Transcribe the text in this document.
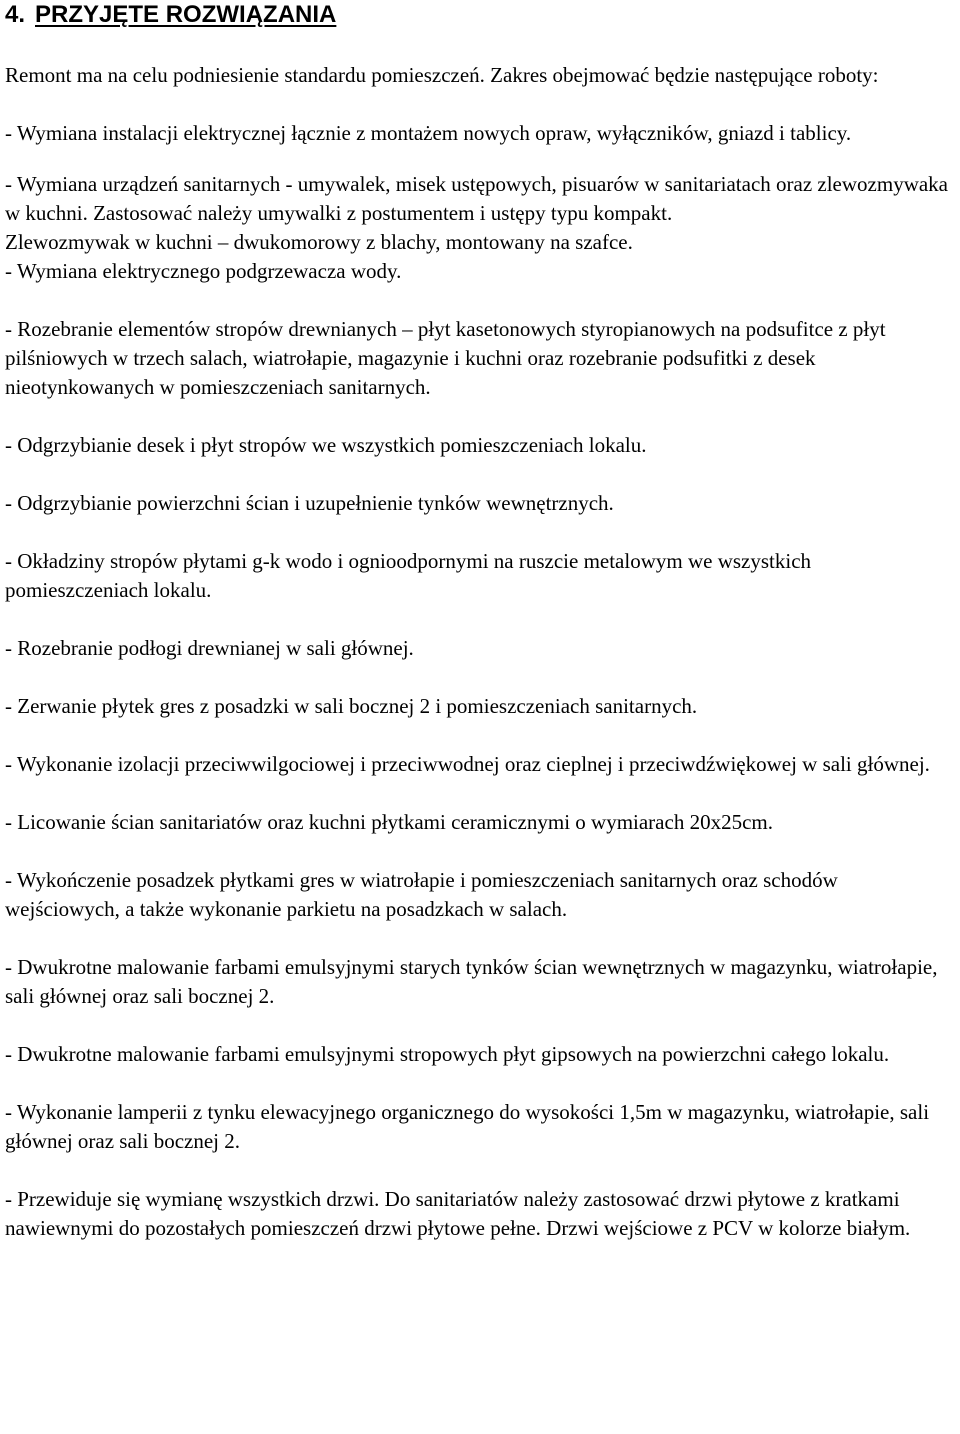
4. PRZYJĘTE ROZWIĄZANIA

Remont ma na celu podniesienie standardu pomieszczeń. Zakres obejmować będzie następujące roboty:

- Wymiana instalacji elektrycznej łącznie z montażem nowych opraw, wyłączników, gniazd i tablicy.

- Wymiana urządzeń sanitarnych - umywalek, misek ustępowych, pisuarów w sanitariatach oraz zlewozmywaka w kuchni. Zastosować należy umywalki z postumentem i ustępy typu kompakt.

Zlewozmywak w kuchni – dwukomorowy z blachy, montowany na szafce.

- Wymiana elektrycznego podgrzewacza wody.

- Rozebranie elementów stropów drewnianych – płyt kasetonowych styropianowych na podsufitce z płyt pilśniowych w trzech salach, wiatrołapie, magazynie i kuchni oraz rozebranie podsufitki z desek nieotynkowanych w pomieszczeniach sanitarnych.

- Odgrzybianie desek i płyt stropów we wszystkich pomieszczeniach lokalu.

- Odgrzybianie powierzchni ścian i uzupełnienie tynków wewnętrznych.

- Okładziny stropów płytami g-k wodo i ognioodpornymi na ruszcie metalowym we wszystkich pomieszczeniach lokalu.

- Rozebranie podłogi drewnianej w sali głównej.

- Zerwanie płytek gres z posadzki w sali bocznej 2 i pomieszczeniach sanitarnych.

- Wykonanie izolacji przeciwwilgociowej i przeciwwodnej oraz cieplnej i przeciwdźwiękowej w sali głównej.

- Licowanie ścian sanitariatów oraz kuchni płytkami ceramicznymi o wymiarach 20x25cm.

- Wykończenie posadzek płytkami gres w wiatrołapie i pomieszczeniach sanitarnych oraz schodów wejściowych, a także wykonanie parkietu na posadzkach w salach.

- Dwukrotne malowanie farbami emulsyjnymi starych tynków ścian wewnętrznych w magazynku, wiatrołapie, sali głównej oraz sali bocznej 2.

- Dwukrotne malowanie farbami emulsyjnymi stropowych płyt gipsowych na powierzchni całego lokalu.

- Wykonanie lamperii z tynku elewacyjnego organicznego do wysokości 1,5m w magazynku, wiatrołapie, sali głównej oraz sali bocznej 2.

- Przewiduje się wymianę wszystkich drzwi. Do sanitariatów należy zastosować drzwi płytowe z kratkami nawiewnymi do pozostałych pomieszczeń drzwi płytowe pełne. Drzwi wejściowe z PCV w kolorze białym.
